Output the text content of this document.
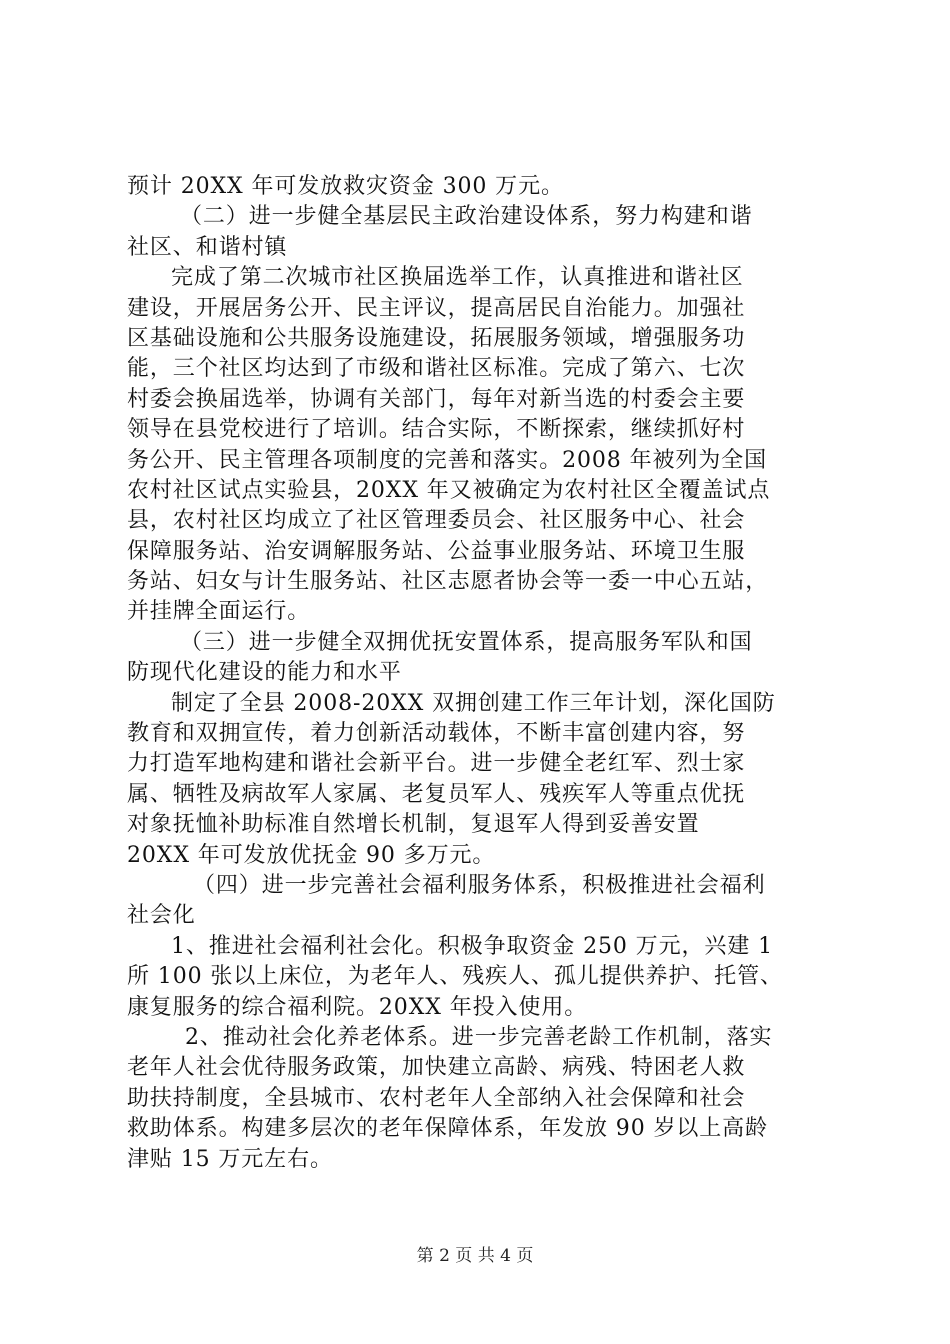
预计 20XX 年可发放救灾资金 300 万元。
（二）进一步健全基层民主政治建设体系，努力构建和谐
社区、和谐村镇
完成了第二次城市社区换届选举工作，认真推进和谐社区
建设，开展居务公开、民主评议，提高居民自治能力。加强社
区基础设施和公共服务设施建设，拓展服务领域，增强服务功
能，三个社区均达到了市级和谐社区标准。完成了第六、七次
村委会换届选举，协调有关部门，每年对新当选的村委会主要
领导在县党校进行了培训。结合实际，不断探索，继续抓好村
务公开、民主管理各项制度的完善和落实。2008 年被列为全国
农村社区试点实验县，20XX 年又被确定为农村社区全覆盖试点
县，农村社区均成立了社区管理委员会、社区服务中心、社会
保障服务站、治安调解服务站、公益事业服务站、环境卫生服
务站、妇女与计生服务站、社区志愿者协会等一委一中心五站，
并挂牌全面运行。
（三）进一步健全双拥优抚安置体系，提高服务军队和国
防现代化建设的能力和水平
制定了全县 2008-20XX 双拥创建工作三年计划，深化国防
教育和双拥宣传，着力创新活动载体，不断丰富创建内容，努
力打造军地构建和谐社会新平台。进一步健全老红军、烈士家
属、牺牲及病故军人家属、老复员军人、残疾军人等重点优抚
对象抚恤补助标准自然增长机制，复退军人得到妥善安置
20XX 年可发放优抚金 90 多万元。
（四）进一步完善社会福利服务体系，积极推进社会福利
社会化
1、推进社会福利社会化。积极争取资金 250 万元，兴建 1
所 100 张以上床位，为老年人、残疾人、孤儿提供养护、托管、
康复服务的综合福利院。20XX 年投入使用。
2、推动社会化养老体系。进一步完善老龄工作机制，落实
老年人社会优待服务政策，加快建立高龄、病残、特困老人救
助扶持制度，全县城市、农村老年人全部纳入社会保障和社会
救助体系。构建多层次的老年保障体系，年发放 90 岁以上高龄
津贴 15 万元左右。
第 2 页 共 4 页
